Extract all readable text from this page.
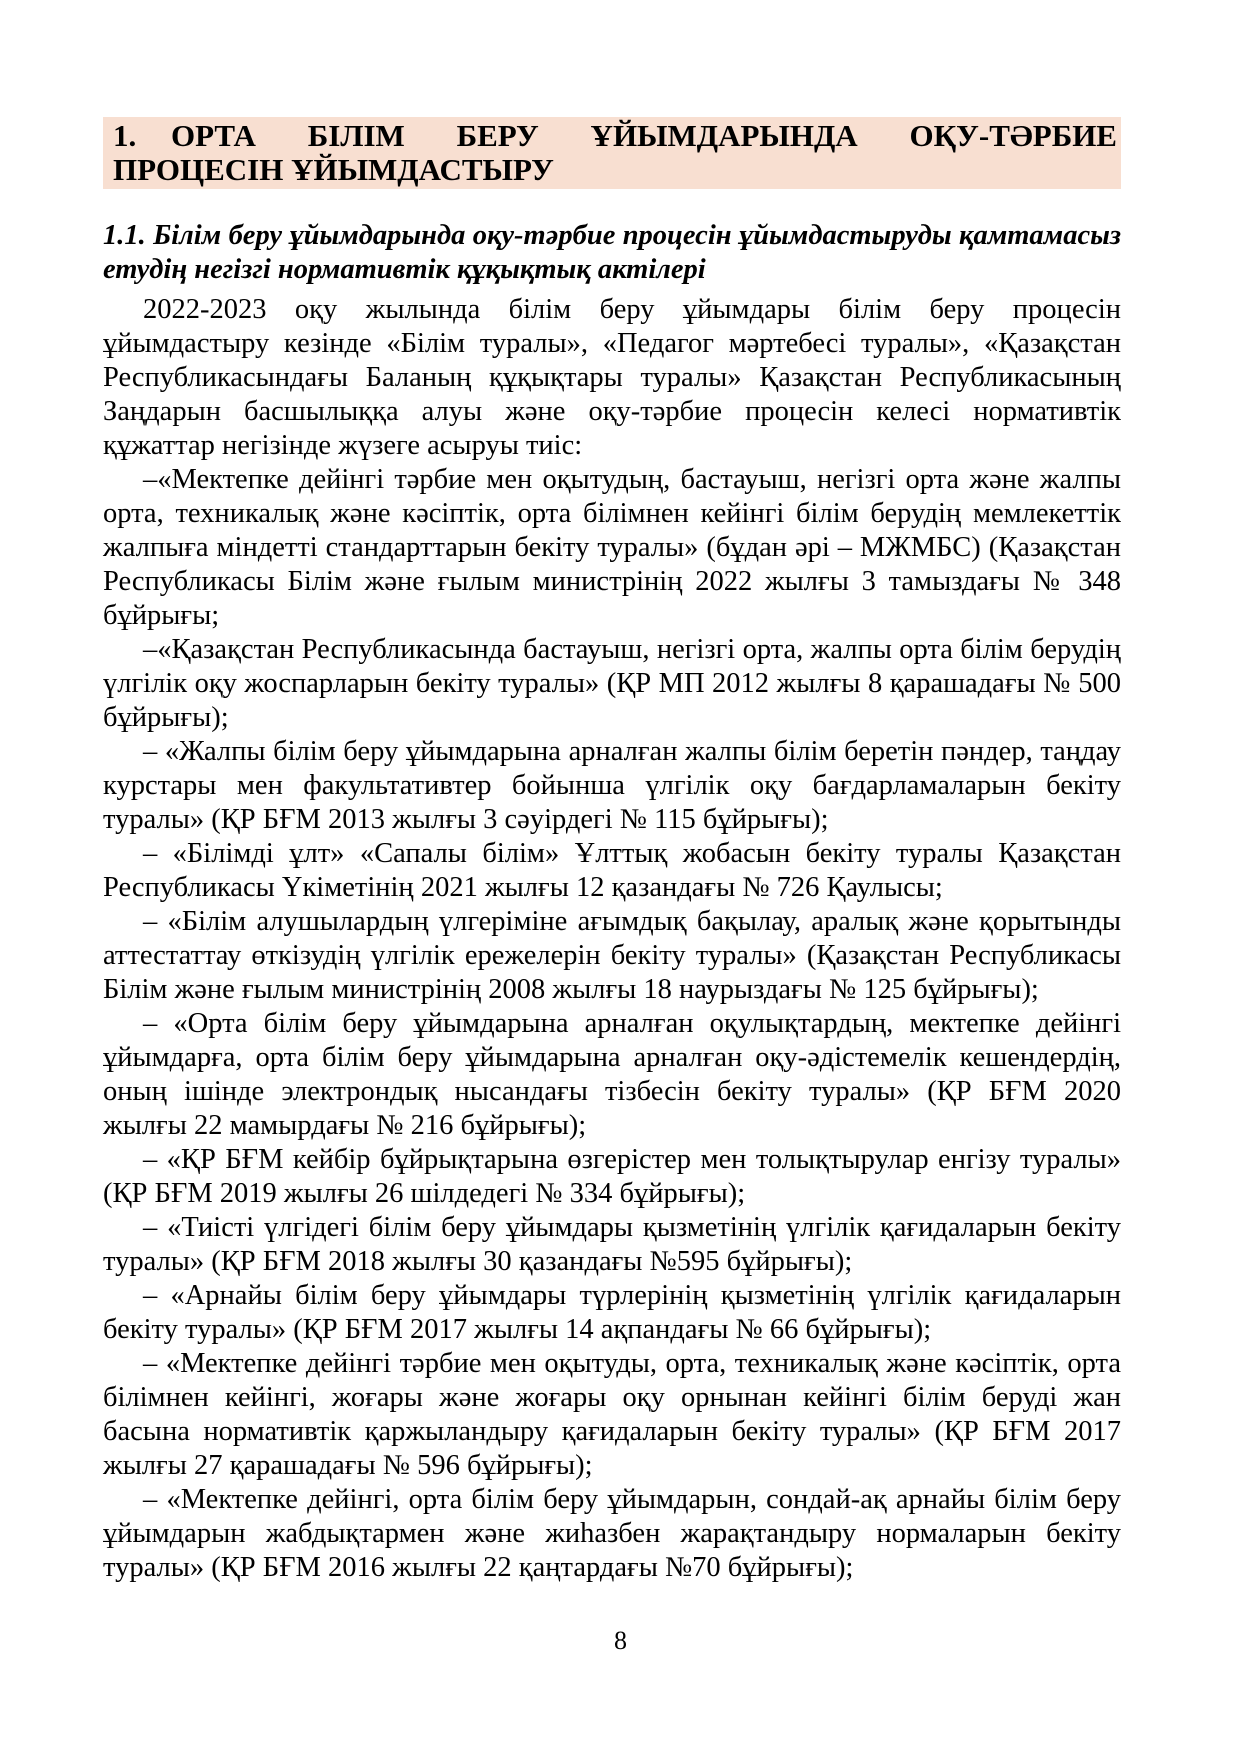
1. ОРТА БІЛІМ БЕРУ ҰЙЫМДАРЫНДА ОҚУ-ТӘРБИЕ ПРОЦЕСІН ҰЙЫМДАСТЫРУ

1.1. Білім беру ұйымдарында оқу-тәрбие процесін ұйымдастыруды қамтамасыз етудің негізгі нормативтік құқықтық актілері

2022-2023 оқу жылында білім беру ұйымдары білім беру процесін ұйымдастыру кезінде «Білім туралы», «Педагог мәртебесі туралы», «Қазақстан Республикасындағы Баланың құқықтары туралы» Қазақстан Республикасының Заңдарын басшылыққа алуы және оқу-тәрбие процесін келесі нормативтік құжаттар негізінде жүзеге асыруы тиіс:

–«Мектепке дейінгі тәрбие мен оқытудың, бастауыш, негізгі орта және жалпы орта, техникалық және кәсіптік, орта білімнен кейінгі білім берудің мемлекеттік жалпыға міндетті стандарттарын бекіту туралы» (бұдан әрі – МЖМБС) (Қазақстан Республикасы Білім және ғылым министрінің 2022 жылғы 3 тамыздағы № 348 бұйрығы;

–«Қазақстан Республикасында бастауыш, негізгі орта, жалпы орта білім берудің үлгілік оқу жоспарларын бекіту туралы» (ҚР МП 2012 жылғы 8 қарашадағы № 500 бұйрығы);

– «Жалпы білім беру ұйымдарына арналған жалпы білім беретін пәндер, таңдау курстары мен факультативтер бойынша үлгілік оқу бағдарламаларын бекіту туралы» (ҚР БҒМ 2013 жылғы 3 сәуірдегі № 115 бұйрығы);

– «Білімді ұлт» «Сапалы білім» Ұлттық жобасын бекіту туралы Қазақстан Республикасы Үкіметінің 2021 жылғы 12 қазандағы № 726 Қаулысы;

– «Білім алушылардың үлгеріміне ағымдық бақылау, аралық және қорытынды аттестаттау өткізудің үлгілік ережелерін бекіту туралы» (Қазақстан Республикасы Білім және ғылым министрінің 2008 жылғы 18 наурыздағы № 125 бұйрығы);

– «Орта білім беру ұйымдарына арналған оқулықтардың, мектепке дейінгі ұйымдарға, орта білім беру ұйымдарына арналған оқу-әдістемелік кешендердің, оның ішінде электрондық нысандағы тізбесін бекіту туралы» (ҚР БҒМ 2020 жылғы 22 мамырдағы № 216 бұйрығы);

– «ҚР БҒМ кейбір бұйрықтарына өзгерістер мен толықтырулар енгізу туралы» (ҚР БҒМ 2019 жылғы 26 шілдедегі № 334 бұйрығы);

– «Тиісті үлгідегі білім беру ұйымдары қызметінің үлгілік қағидаларын бекіту туралы» (ҚР БҒМ 2018 жылғы 30 қазандағы №595 бұйрығы);

– «Арнайы білім беру ұйымдары түрлерінің қызметінің үлгілік қағидаларын бекіту туралы» (ҚР БҒМ 2017 жылғы 14 ақпандағы № 66 бұйрығы);

– «Мектепке дейінгі тәрбие мен оқытуды, орта, техникалық және кәсіптік, орта білімнен кейінгі, жоғары және жоғары оқу орнынан кейінгі білім беруді жан басына нормативтік қаржыландыру қағидаларын бекіту туралы» (ҚР БҒМ 2017 жылғы 27 қарашадағы № 596 бұйрығы);

– «Мектепке дейінгі, орта білім беру ұйымдарын, сондай-ақ арнайы білім беру ұйымдарын жабдықтармен және жиһазбен жарақтандыру нормаларын бекіту туралы» (ҚР БҒМ 2016 жылғы 22 қаңтардағы №70 бұйрығы);

8
